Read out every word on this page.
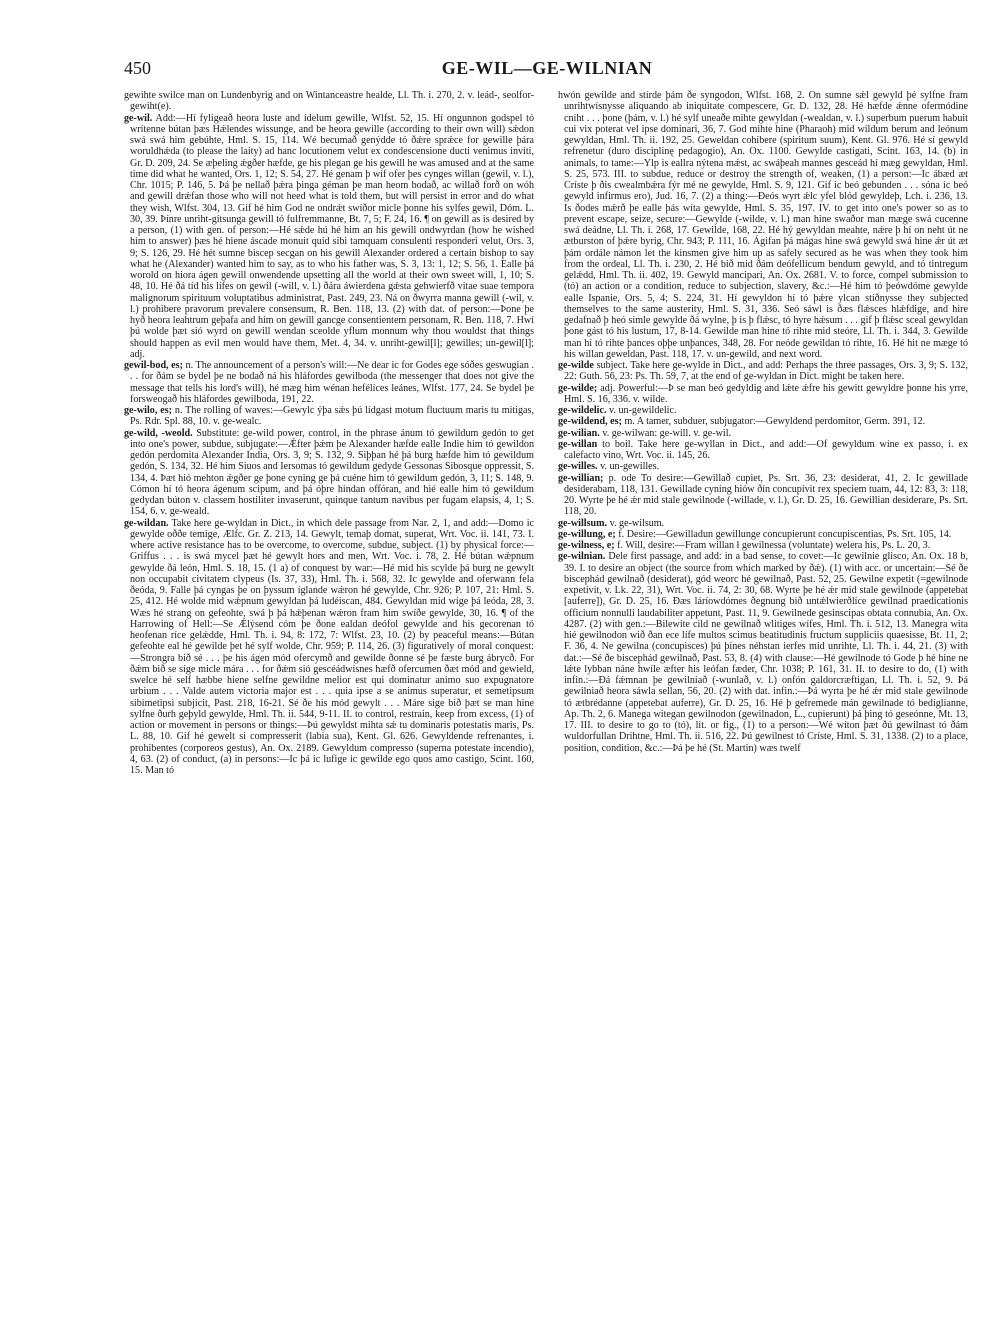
450	GE-WIL—GE-WILNIAN

gewihte swilce man on Lundenbyrig and on Wintanceastre healde, Ll. Th. i. 270, 2. v. leád-, seolfor-gewiht(e).

ge-wil. Add:—Hí fyligeað heora luste and ídelum gewille, Wlfst. 52, 15. Hí ongunnon godspel tó wrítenne bútan þæs Hǽlendes wissunge, and be heora gewille (according to their own will) sǽdon swá swá him gebúhte, Hml. S. 15, 114. Wé becumað genýdde tó ðǽre sprǽce for gewille þára woruldhǽda (to please the laity) ad hanc locutionem velut ex condescensione ducti venimus inviti, Gr. D. 209, 24. Se æþeling ǽgðer hæfde, ge his plegan ge his gewill he was amused and at the same time did what he wanted, Ors. 1, 12; S. 54, 27. Hé genam þ wíf ofer þes cynges willan (gewil, v. l.), Chr. 1015; P. 146, 5. Þá þe nellað þǽra þinga géman þe man heom bodað, ac willað forð on wóh and gewill drǽfan those who will not heed what is told them, but will persist in error and do what they wish, Wlfst. 304, 13. Gif hé him God ne ondrǽt swíðor micle þonne his sylfes gewil, Dóm. L. 30, 39. Þínre unriht-gítsunga gewill tó fulfremmanne, Bt. 7, 5; F. 24, 16. ¶ on gewill as is desired by a person, (1) with gen. of person:—Hé sǽde hú hé him an his gewill ondwyrdan (how he wished him to answer) þæs hé hiene áscade monuit quid sibi tamquam consulenti responderi velut, Ors. 3, 9; S. 126, 29. Hé hét sumne biscep secgan on his gewill Alexander ordered a certain bishop to say what he (Alexander) wanted him to say, as to who his father was, S. 3, 13: 1, 12; S. 56, 1. Ealle þá worold on hiora ágen gewill onwendende upsetting all the world at their own sweet will, 1, 10; S. 48, 10. Hé ðá tíd his lífes on gewil (-will, v. l.) ðára áwierdena gǽsta gehwierfð vitae suae tempora malignorum spirituum voluptatibus administrat, Past. 249, 23. Ná on ðwyrra manna gewill (-wil, v. l.) prohibere pravorum prevalere consensum, R. Ben. 118, 13. (2) with dat. of person:—Þone þe hyð heora leahtrum geþafa and him on gewill gancge consentientem personam, R. Ben. 118, 7. Hwí þú wolde þæt sió wyrd on gewill wendan sceolde yflum monnum why thou wouldst that things should happen as evil men would have them, Met. 4, 34. v. unriht-gewil[l]; gewilles; un-gewil[l]; adj.

gewil-bod, es; n. The announcement of a person's will:—Ne dear ic for Godes ege sóðes geswugian . . . for ðám se bydel þe ne bodað ná his hláfordes gewilboda (the messenger that does not give the message that tells his lord's will), hé mæg him wénan hefélíces leánes, Wlfst. 177, 24. Se bydel þe forsweogað his hláfordes gewilboda, 191, 22.

ge-wilo, es; n. The rolling of waves:—Gewylc ýþa sǽs þú lídgast motum fluctuum maris tu mitigas, Ps. Rdr. Spl. 88, 10. v. ge-wealc.

ge-wild, -weold. Substitute: ge-wild power, control, in the phrase ánum tó gewildum gedón to get into one's power, subdue, subjugate:—Ǽfter þǽm þe Alexander hæfde ealle Indie him tó gewildon gedón perdomita Alexander India, Ors. 3, 9; S. 132, 9. Siþþan hé þá burg hæfde him tó gewildum gedón, S. 134, 32. Hé him Siuos and Iersomas tó gewildum gedyde Gessonas Sibosque oppressit, S. 134, 4. Þæt hió mehton ǽgðer ge þone cyning ge þá cuéne him tó gewildum gedón, 3, 11; S. 148, 9. Cómon hí tó heora ágenum scipum, and þá óþre hindan offóran, and hié ealle him tó gewildum gedydan búton v. classem hostiliter invaserunt, quinque tantum navibus per fugam elapsis, 4, 1; S. 154, 6. v. ge-weald.

ge-wildan. Take here ge-wyldan in Dict., in which dele passage from Nar. 2, 1, and add:—Domo ic gewylde oððe temige, Ælfc. Gr. Z. 213, 14. Gewylt, temaþ domat, superat, Wrt. Voc. ii. 141, 73. I. where active resistance has to be overcome, to overcome, subdue, subject. (1) by physical force:—Griffus . . . is swá mycel þæt hé gewylt hors and men, Wrt. Voc. i. 78, 2. Hé bútan wǽpnum gewylde ðá león, Hml. S. 18, 15. (1 a) of conquest by war:—Hé mid his scylde þá burg ne gewylt non occupabit civitatem clypeus (Is. 37, 33), Hml. Th. i. 568, 32. Ic gewylde and oferwann fela ðeóda, 9. Falle þá cyngas þe on þyssum íglande wǽron hé gewylde, Chr. 926; P. 107, 21: Hml. S. 25, 412. Hé wolde mid wǽpnum gewyldan þá ludéiscan, 484. Gewyldan mid wíge þá leóda, 28, 3. Wæs hé strang on gefeohte, swá þ þá hǽþenan wǽron fram him swíðe gewylde, 30, 16. ¶ of the Harrowing of Hell:—Se Ǽlýsend cóm þe ðone ealdan deófol gewylde and his gecorenan tó heofenan ríce gelǽdde, Hml. Th. i. 94, 8: 172, 7: Wlfst. 23, 10. (2) by peaceful means:—Bútan gefeohte eal hé gewilde þet hé sylf wolde, Chr. 959; P. 114, 26. (3) figuratively of moral conquest:—Strongra bið sé . . . þe his ágen mód ofercymð and gewilde ðonne sé þe fæste burg ábrycð. For ðǽm bið se síge micle mára . . . for ðǽm sió gescéádwísnes hæfð ofercumen ðæt mód and gewield, swelce hé self hæbbe hiene selfne gewildne melior est qui dominatur animo suo expugnatore urbium . . . Valde autem victoria major est . . . quia ipse a se animus superatur, et semetipsum sibimetipsi subjicit, Past. 218, 16-21. Sé ðe his mód gewylt . . . Máre sige bið þæt se man hine sylfne ðurh geþyld gewylde, Hml. Th. ii. 544, 9-11. II. to control, restrain, keep from excess, (1) of action or movement in persons or things:—Þú gewyldst mihta sǽ tu dominaris potestatis maris, Ps. L. 88, 10. Gif hé gewelt si compresserit (labia sua), Kent. Gl. 626. Gewyldende refrenantes, i. prohibentes (corporeos gestus), An. Ox. 2189. Gewyldum compresso (superna potestate incendio), 4, 63. (2) of conduct, (a) in persons:—Ic þá ic lufige ic gewilde ego quos amo castigo, Scint. 160, 15. Man tó

hwón gewilde and stírde þám ðe syngodon, Wlfst. 168, 2. On sumne sǽl gewyld þé sylfne fram unrihtwísnysse aliquando ab iniquitate compescere, Gr. D. 132, 28. Hé hæfde ǽnne ofermódine cniht . . . þone (þám, v. l.) hé sylf uneaðe mihte gewyldan (-wealdan, v. l.) superbum puerum habuit cui vix poterat vel ipse dominari, 36, 7. God mihte hine (Pharaoh) mid wildum berum and leónum gewyldan, Hml. Th. ii. 192, 25. Geweldan cohibere (spiritum suum), Kent. Gl. 976. Hé sí gewyld refrenetur (duro disciplinę pedagogio), An. Ox. 1100. Gewylde castigati, Scint. 163, 14. (b) in animals, to tame:—Ylp is eallra nýtena mǽst, ac swáþeah mannes gesceád hí mæg gewyldan, Hml. S. 25, 573. III. to subdue, reduce or destroy the strength of, weaken, (1) a person:—Ic ábæd æt Críste þ ðis cwealmbǽra fýr mé ne gewylde, Hml. S. 9, 121. Gif ic beó gebunden . . . sóna ic beó gewyld infirmus ero), Jud. 16, 7. (2) a thing:—Ðeós wyrt ǽlc yfel blód gewyldeþ, Lch. i. 236, 13. Is ðodes mǽrð þe ealle þás wíta gewylde, Hml. S. 35, 197. IV. to get into one's power so as to prevent escape, seize, secure:—Gewylde (-wilde, v. l.) man hine swaðor man mæge swá cucenne swá deádne, Ll. Th. i. 268, 17. Gewilde, 168, 22. Hé hý gewyldan meahte, nǽre þ hí on neht út ne ætburston of þǽre byrig, Chr. 943; P. 111, 16. Ágifan þá mágas hine swá gewyld swá hine ǽr út æt þám ordále námon let the kinsmen give him up as safely secured as he was when they took him from the ordeal, Ll. Th. i. 230, 2. Hé bið mid ðám deófellícum bendum gewyld, and tó tintregum gelǽdd, Hml. Th. ii. 402, 19. Gewyld mancipari, An. Ox. 2681. V. to force, compel submission to (tó) an action or a condition, reduce to subjection, slavery, &c.:—Hé him tó þeówdóme gewylde ealle Ispanie, Ors. 5, 4; S. 224, 31. Hí gewyldon hí tó þǽre ylcan stíðnysse they subjected themselves to the same austerity, Hml. S. 31, 336. Seó sáwl is ðæs flǽsces hlǽfdige, and hire gedafnað þ heó simle gewylde ðá wylne, þ is þ flǽsc, tó hyre hǽsum . . . gif þ flǽsc sceal gewyldan þone gást tó his lustum, 17, 8-14. Gewilde man hine tó rihte mid steóre, Ll. Th. i. 344, 3. Gewilde man hí tó rihte þances oþþe unþances, 348, 28. For neóde gewildan tó rihte, 16. Hé hit ne mæge tó his willan geweldan, Past. 118, 17. v. un-gewild, and next word.

ge-wilde subject. Take here ge-wylde in Dict., and add: Perhaps the three passages, Ors. 3, 9; S. 132, 22: Guth. 56, 23: Ps. Th. 59, 7, at the end of ge-wyldan in Dict. might be taken here.

ge-wilde; adj. Powerful:—Þ se man beó gedyldig and lǽte ǽfre his gewitt gewyldre þonne his yrre, Hml. S. 16, 336. v. wilde.

ge-wildelic. v. un-gewildelic.

ge-wildend, es; m. A tamer, subduer, subjugator:—Gewyldend perdomitor, Germ. 391, 12.

ge-wilian. v. ge-wilwan: ge-will. v. ge-wil.

ge-willan to boil. Take here ge-wyllan in Dict., and add:—Of gewyldum wíne ex passo, i. ex calefacto vino, Wrt. Voc. ii. 145, 26.

ge-willes. v. un-gewilles.

ge-willian; p. ode To desire:—Gewillað cupiet, Ps. Srt. 36, 23: desiderat, 41, 2. Ic gewillade desiderabam, 118, 131. Gewillade cyning hiów ðín concupivit rex speciem tuam, 44, 12: 83, 3: 118, 20. Wyrte þe hé ǽr mid stale gewilnode (-willade, v. l.), Gr. D. 25, 16. Gewillian desiderare, Ps. Srt. 118, 20.

ge-willsum. v. ge-wilsum.

ge-willung, e; f. Desire:—Gewilladun gewillunge concupierunt concupiscentias, Ps. Srt. 105, 14.

ge-wilness, e; f. Will, desire:—Fram willan ł gewilnessa (voluntate) welera his, Ps. L. 20, 3.

ge-wilnian. Dele first passage, and add: in a bad sense, to covet:—Ic gewilnie glisco, An. Ox. 18 b, 39. I. to desire an object (the source from which marked by ðǽ). (1) with acc. or uncertain:—Sé ðe biscephád gewilnað (desiderat), gód weorc hé gewilnað, Past. 52, 25. Gewilne expetit (=gewilnode expetivit, v. Lk. 22, 31), Wrt. Voc. ii. 74, 2: 30, 68. Wyrte þe hé ǽr mid stale gewilnode (appetebat [auferre]), Gr. D. 25, 16. Ðæs láríowdómes ðegnung bið untǽlwierðlíce gewilnad praedicationis officium nonnulli laudabiliter appetunt, Past. 11, 9. Gewilnede gesinscipas obtata connubia, An. Ox. 4287. (2) with gen.:—Bilewite cild ne gewilnað wlitiges wífes, Hml. Th. i. 512, 13. Manegra wita hié gewilnodon wið ðan ece lífe multos scimus beatitudinis fructum suppliciis quaesisse, Bt. 11, 2; F. 36, 4. Ne gewilna (concupisces) þú þínes néhstan ierfes mid unrihte, Ll. Th. i. 44, 21. (3) with dat.:—Sé ðe biscephád gewilnað, Past. 53, 8. (4) with clause:—Hé gewilnode tó Gode þ hé hine ne lǽte lybban náne hwíle æfter his leófan fæder, Chr. 1038; P. 161, 31. II. to desire to do, (1) with infin.:—Ðá fǽmnan þe gewilniað (-wunlað, v. l.) onfón galdorcræftigan, Ll. Th. i. 52, 9. Þá gewilniað heora sáwla sellan, 56, 20. (2) with dat. infin.:—Þá wyrta þe hé ǽr mid stale gewilnode tó ætbrédanne (appetebat auferre), Gr. D. 25, 16. Hé þ gefremede mán gewilnade tó bedíglianne, Ap. Th. 2, 6. Manega witegan gewilnodon (gewilnadon, L., cupierunt) þá þing tó geseónne, Mt. 13, 17. III. to desire to go to (tó), lit. or fig., (1) to a person:—Wé wíton þæt ðú gewilnast tó ðám wuldorfullan Drihtne, Hml. Th. ii. 516, 22. Þú gewilnest tó Críste, Hml. S. 31, 1338. (2) to a place, position, condition, &c.:—Þá þe hé (St. Martin) wæs twelf
